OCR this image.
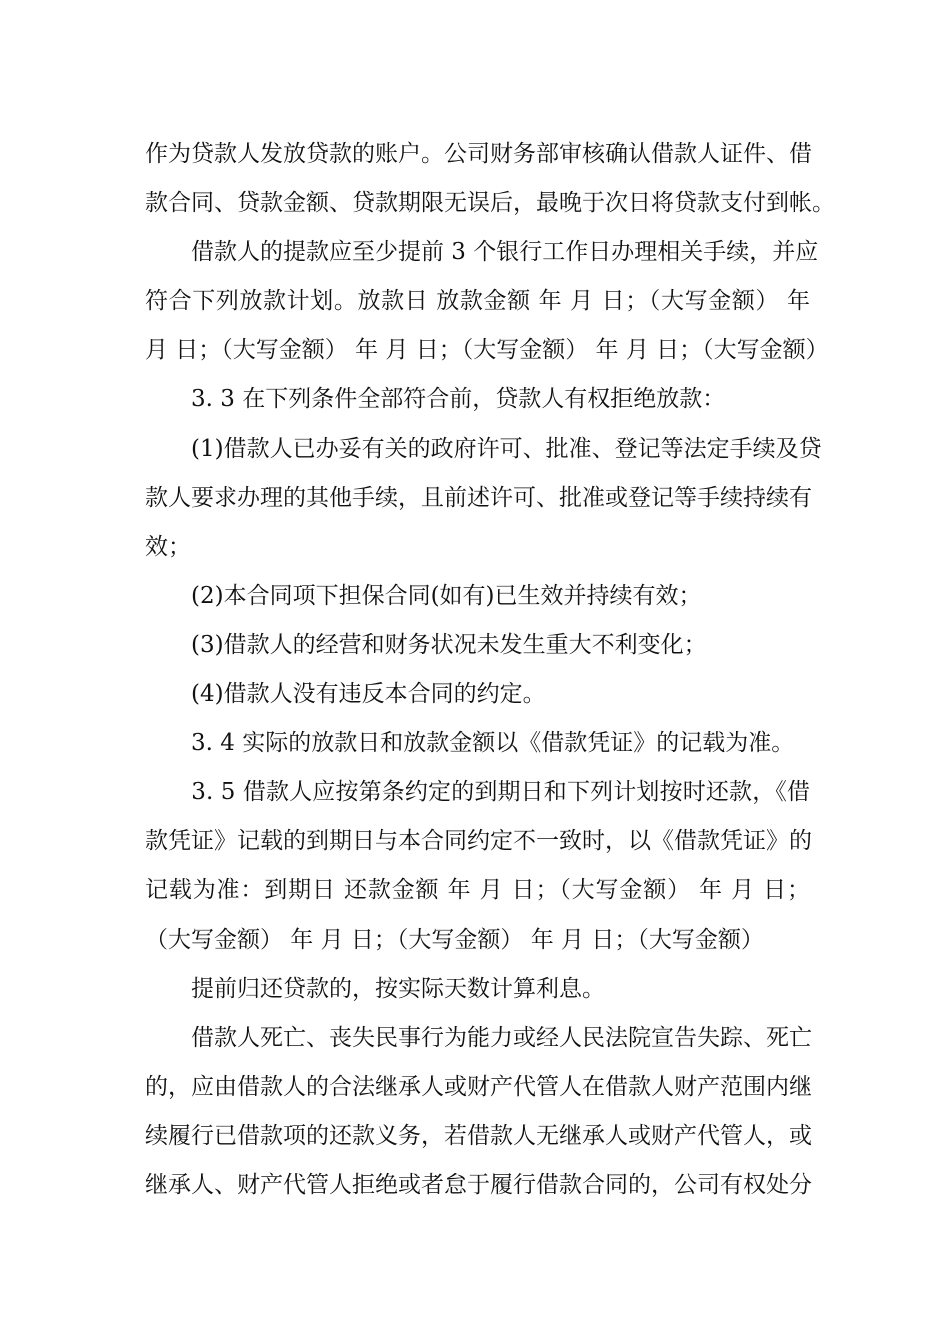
作为贷款人发放贷款的账户。公司财务部审核确认借款人证件、借
款合同、贷款金额、贷款期限无误后，最晚于次日将贷款支付到帐。
　　借款人的提款应至少提前 3 个银行工作日办理相关手续，并应
符合下列放款计划。放款日 放款金额 年 月 日；（大写金额） 年
月 日；（大写金额） 年 月 日；（大写金额） 年 月 日；（大写金额）
　　3. 3 在下列条件全部符合前，贷款人有权拒绝放款：
　　(1)借款人已办妥有关的政府许可、批准、登记等法定手续及贷
款人要求办理的其他手续，且前述许可、批准或登记等手续持续有
效；
　　(2)本合同项下担保合同(如有)已生效并持续有效；
　　(3)借款人的经营和财务状况未发生重大不利变化；
　　(4)借款人没有违反本合同的约定。
　　3. 4 实际的放款日和放款金额以《借款凭证》的记载为准。
　　3. 5 借款人应按第条约定的到期日和下列计划按时还款，《借
款凭证》记载的到期日与本合同约定不一致时，以《借款凭证》的
记载为准：到期日 还款金额 年 月 日；（大写金额） 年 月 日；
（大写金额） 年 月 日；（大写金额） 年 月 日；（大写金额）
　　提前归还贷款的，按实际天数计算利息。
　　借款人死亡、丧失民事行为能力或经人民法院宣告失踪、死亡
的，应由借款人的合法继承人或财产代管人在借款人财产范围内继
续履行已借款项的还款义务，若借款人无继承人或财产代管人，或
继承人、财产代管人拒绝或者怠于履行借款合同的，公司有权处分
